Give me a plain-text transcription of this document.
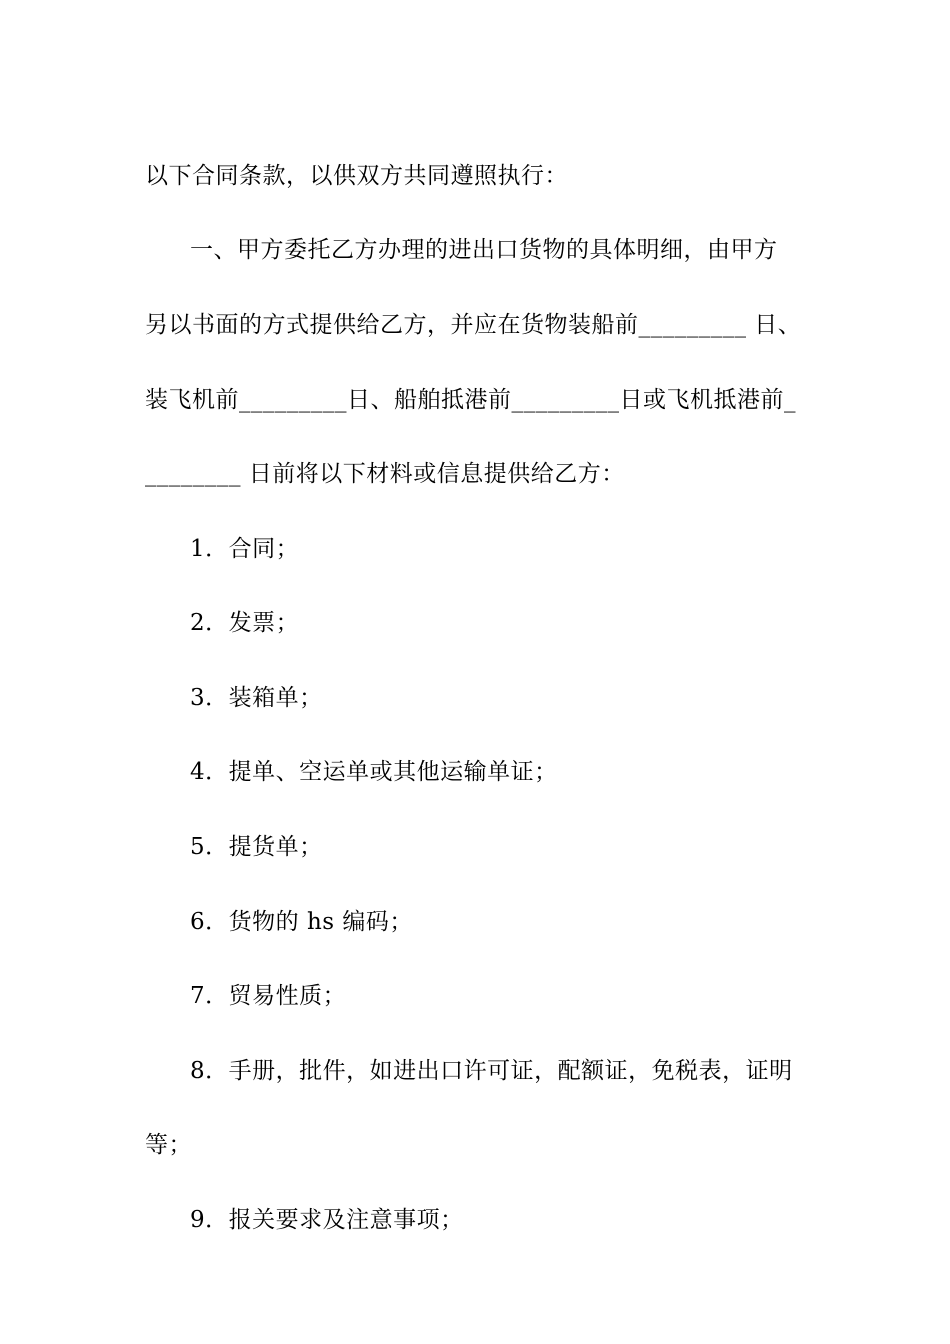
以下合同条款，以供双方共同遵照执行：

一、甲方委托乙方办理的进出口货物的具体明细，由甲方

另以书面的方式提供给乙方，并应在货物装船前_________ 日、

装飞机前_________日、船舶抵港前_________日或飞机抵港前_

________ 日前将以下材料或信息提供给乙方：

1．合同；

2．发票；

3．装箱单；

4．提单、空运单或其他运输单证；

5．提货单；

6．货物的 hs 编码；

7．贸易性质；

8．手册，批件，如进出口许可证，配额证，免税表，证明

等；

9．报关要求及注意事项；
